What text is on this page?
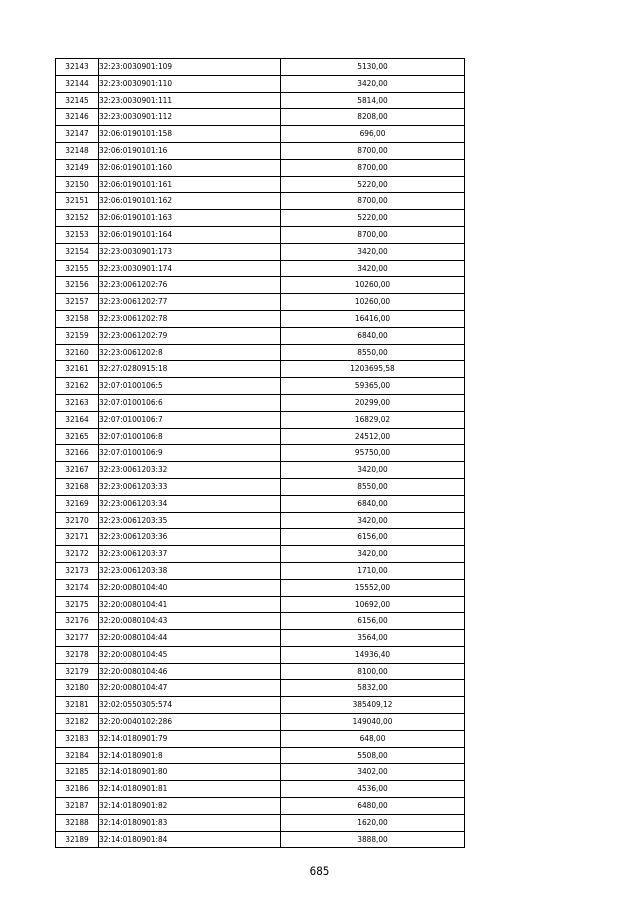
32143	32:23:0030901:109	5130,00
32144	32:23:0030901:110	3420,00
32145	32:23:0030901:111	5814,00
32146	32:23:0030901:112	8208,00
32147	32:06:0190101:158	696,00
32148	32:06:0190101:16	8700,00
32149	32:06:0190101:160	8700,00
32150	32:06:0190101:161	5220,00
32151	32:06:0190101:162	8700,00
32152	32:06:0190101:163	5220,00
32153	32:06:0190101:164	8700,00
32154	32:23:0030901:173	3420,00
32155	32:23:0030901:174	3420,00
32156	32:23:0061202:76	10260,00
32157	32:23:0061202:77	10260,00
32158	32:23:0061202:78	16416,00
32159	32:23:0061202:79	6840,00
32160	32:23:0061202:8	8550,00
32161	32:27:0280915:18	1203695,58
32162	32:07:0100106:5	59365,00
32163	32:07:0100106:6	20299,00
32164	32:07:0100106:7	16829,02
32165	32:07:0100106:8	24512,00
32166	32:07:0100106:9	95750,00
32167	32:23:0061203:32	3420,00
32168	32:23:0061203:33	8550,00
32169	32:23:0061203:34	6840,00
32170	32:23:0061203:35	3420,00
32171	32:23:0061203:36	6156,00
32172	32:23:0061203:37	3420,00
32173	32:23:0061203:38	1710,00
32174	32:20:0080104:40	15552,00
32175	32:20:0080104:41	10692,00
32176	32:20:0080104:43	6156,00
32177	32:20:0080104:44	3564,00
32178	32:20:0080104:45	14936,40
32179	32:20:0080104:46	8100,00
32180	32:20:0080104:47	5832,00
32181	32:02:0550305:574	385409,12
32182	32:20:0040102:286	149040,00
32183	32:14:0180901:79	648,00
32184	32:14:0180901:8	5508,00
32185	32:14:0180901:80	3402,00
32186	32:14:0180901:81	4536,00
32187	32:14:0180901:82	6480,00
32188	32:14:0180901:83	1620,00
32189	32:14:0180901:84	3888,00
685
